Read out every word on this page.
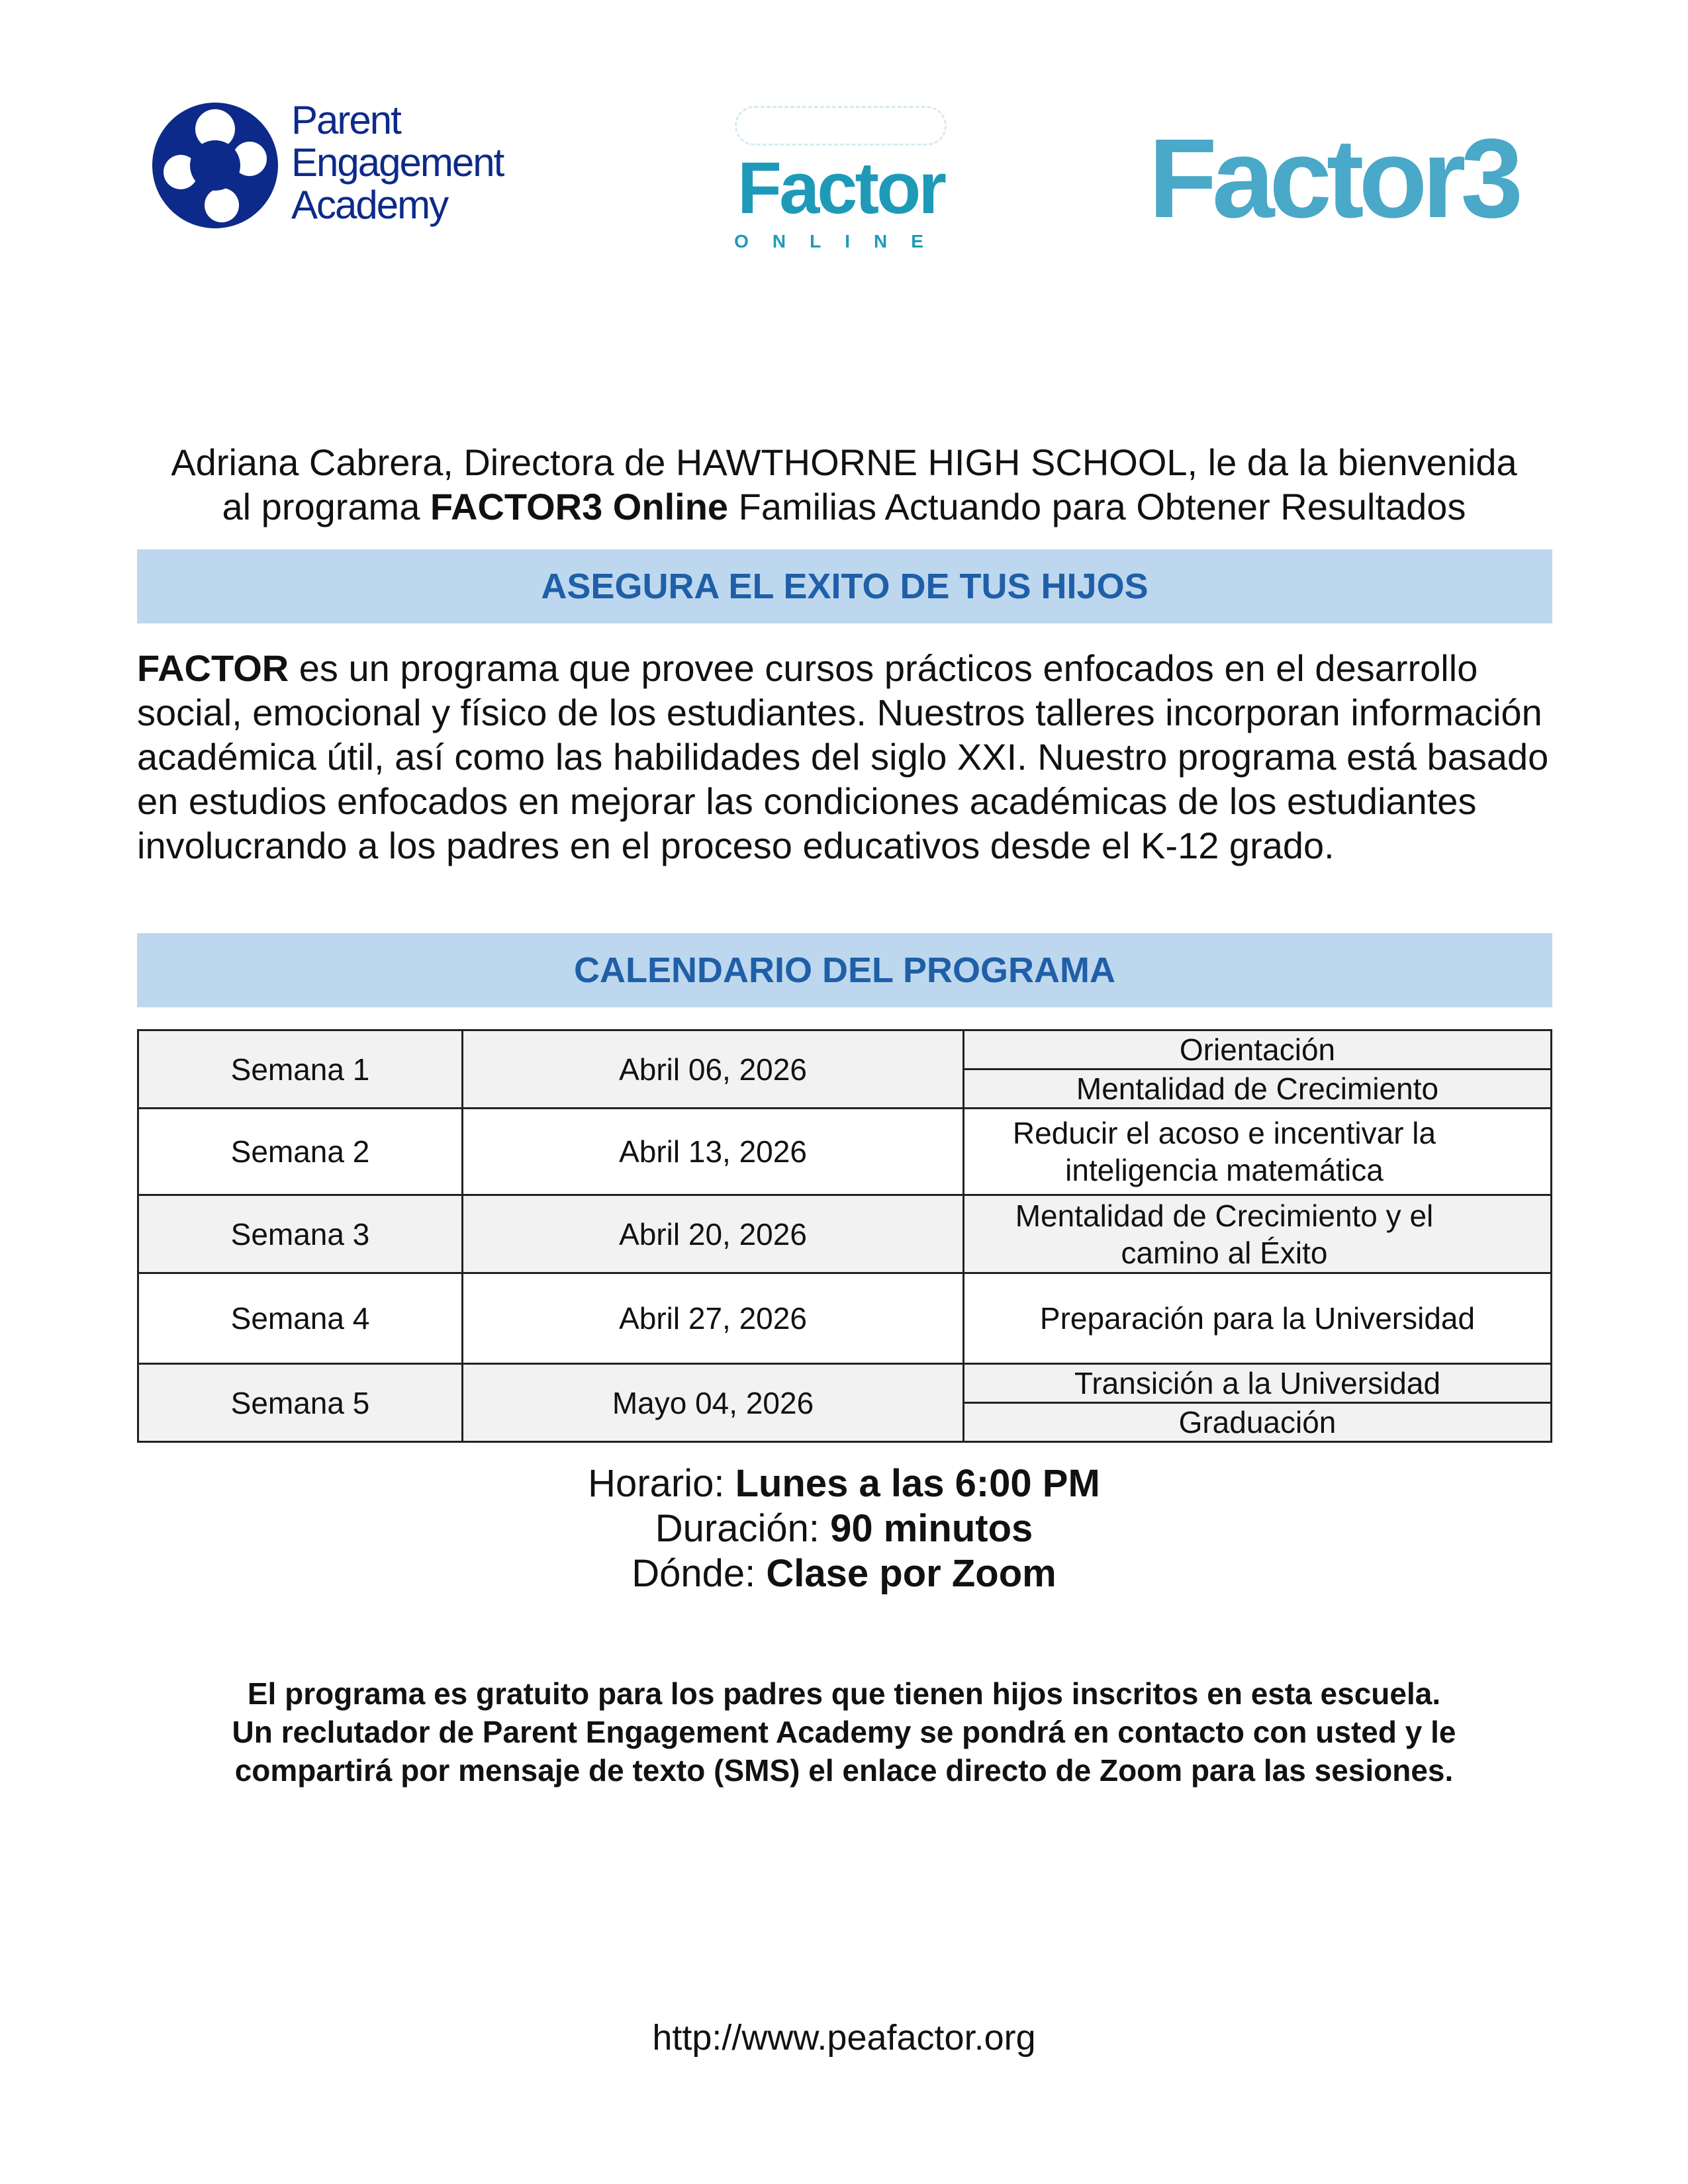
Parent Engagement Academy	Factor
ONLINE	Factor3
Adriana Cabrera, Directora de HAWTHORNE HIGH SCHOOL, le da la bienvenida
al programa FACTOR3 Online Familias Actuando para Obtener Resultados
ASEGURA EL EXITO DE TUS HIJOS
FACTOR es un programa que provee cursos prácticos enfocados en el desarrollo social, emocional y físico de los estudiantes. Nuestros talleres incorporan información académica útil, así como las habilidades del siglo XXI. Nuestro programa está basado en estudios enfocados en mejorar las condiciones académicas de los estudiantes involucrando a los padres en el proceso educativos desde el K-12 grado.
CALENDARIO DEL PROGRAMA
Semana 1	Abril 06, 2026	Orientación
		Mentalidad de Crecimiento
Semana 2	Abril 13, 2026	Reducir el acoso e incentivar la inteligencia matemática
Semana 3	Abril 20, 2026	Mentalidad de Crecimiento y el camino al Éxito
Semana 4	Abril 27, 2026	Preparación para la Universidad
Semana 5	Mayo 04, 2026	Transición a la Universidad
		Graduación
Horario: Lunes a las 6:00 PM
Duración: 90 minutos
Dónde: Clase por Zoom
El programa es gratuito para los padres que tienen hijos inscritos en esta escuela.
Un reclutador de Parent Engagement Academy se pondrá en contacto con usted y le
compartirá por mensaje de texto (SMS) el enlace directo de Zoom para las sesiones.
http://www.peafactor.org
